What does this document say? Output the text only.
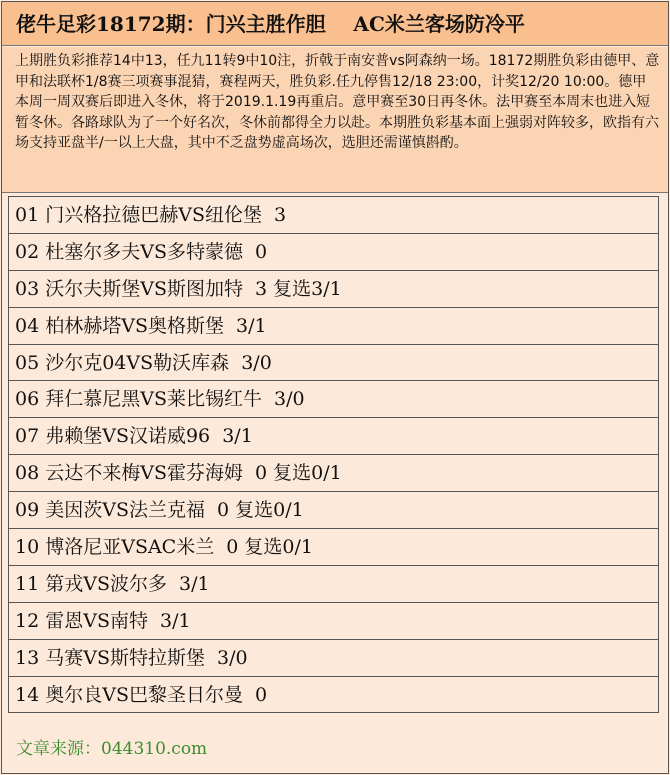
佬牛足彩18172期：门兴主胜作胆    AC米兰客场防冷平
上期胜负彩推荐14中13，任九11转9中10注，折戟于南安普vs阿森纳一场。18172期胜负彩由德甲、意甲和法联杯1/8赛三项赛事混猜，赛程两天，胜负彩.任九停售12/18 23:00，计奖12/20 10:00。德甲本周一周双赛后即进入冬休，将于2019.1.19再重启。意甲赛至30日再冬休。法甲赛至本周末也进入短暂冬休。各路球队为了一个好名次，冬休前都得全力以赴。本期胜负彩基本面上强弱对阵较多，欧指有六场支持亚盘半/一以上大盘，其中不乏盘势虚高场次，选胆还需谨慎斟酌。
01 门兴格拉德巴赫VS纽伦堡  3
02 杜塞尔多夫VS多特蒙德  0
03 沃尔夫斯堡VS斯图加特  3 复选3/1
04 柏林赫塔VS奥格斯堡  3/1
05 沙尔克04VS勒沃库森  3/0
06 拜仁慕尼黑VS莱比锡红牛  3/0
07 弗赖堡VS汉诺威96  3/1
08 云达不来梅VS霍芬海姆  0 复选0/1
09 美因茨VS法兰克福  0 复选0/1
10 博洛尼亚VSAC米兰  0 复选0/1
11 第戎VS波尔多  3/1
12 雷恩VS南特  3/1
13 马赛VS斯特拉斯堡  3/0
14 奥尔良VS巴黎圣日尔曼  0
文章来源：044310.com
